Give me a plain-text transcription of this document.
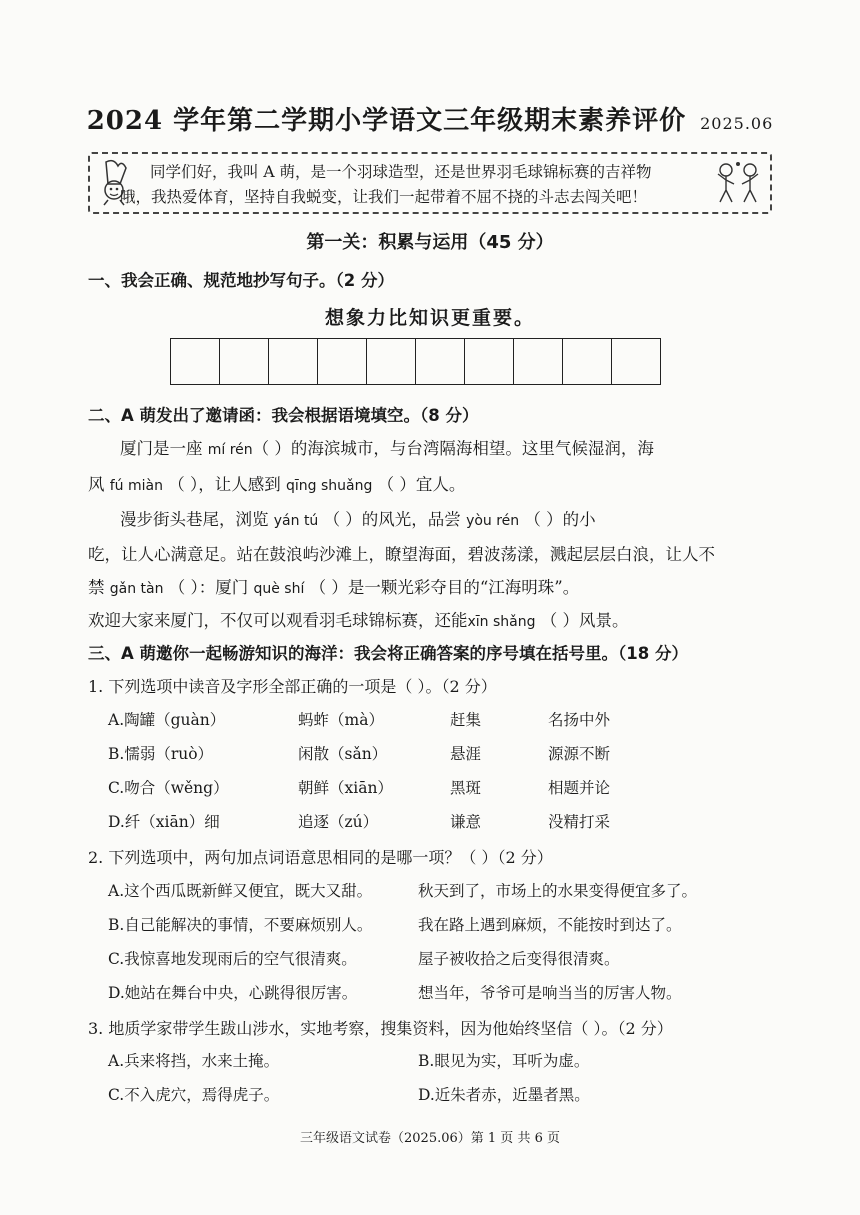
2024 学年第二学期小学语文三年级期末素养评价 2025.06
同学们好，我叫 A 萌，是一个羽球造型，还是世界羽毛球锦标赛的吉祥物
哦，我热爱体育，坚持自我蜕变，让我们一起带着不屈不挠的斗志去闯关吧！
第一关：积累与运用（45 分）
一、我会正确、规范地抄写句子。（2 分）
想象力比知识更重要。
二、A 萌发出了邀请函：我会根据语境填空。（8 分）
厦门是一座 mí rén（ ）的海滨城市，与台湾隔海相望。这里气候湿润，海
风 fú miàn （ ），让人感到 qīng shuǎng （ ）宜人。
漫步街头巷尾，浏览 yán tú （ ）的风光，品尝 yòu rén （ ）的小
吃，让人心满意足。站在鼓浪屿沙滩上，瞭望海面，碧波荡漾，溅起层层白浪，让人不
禁 gǎn tàn （ ）：厦门 què shí （ ）是一颗光彩夺目的“江海明珠”。
欢迎大家来厦门，不仅可以观看羽毛球锦标赛，还能xīn shǎng （ ）风景。
三、A 萌邀你一起畅游知识的海洋：我会将正确答案的序号填在括号里。（18 分）
1. 下列选项中读音及字形全部正确的一项是（ ）。（2 分）
A.陶罐（guàn）	蚂蚱（mà）	赶集	名扬中外
B.懦弱（ruò）	闲散（sǎn）	悬涯	源源不断
C.吻合（wěng）	朝鲜（xiān）	黑斑	相题并论
D.纤（xiān）细	追逐（zú）	谦意	没精打采
2. 下列选项中，两句加点词语意思相同的是哪一项？（ ）（2 分）
A.这个西瓜既新鲜又便宜，既大又甜。	秋天到了，市场上的水果变得便宜多了。
B.自己能解决的事情，不要麻烦别人。	我在路上遇到麻烦，不能按时到达了。
C.我惊喜地发现雨后的空气很清爽。	屋子被收拾之后变得很清爽。
D.她站在舞台中央，心跳得很厉害。	想当年，爷爷可是响当当的厉害人物。
3. 地质学家带学生跋山涉水，实地考察，搜集资料，因为他始终坚信（ ）。（2 分）
A.兵来将挡，水来土掩。	B.眼见为实，耳听为虚。
C.不入虎穴，焉得虎子。	D.近朱者赤，近墨者黑。
三年级语文试卷（2025.06）第 1 页 共 6 页
